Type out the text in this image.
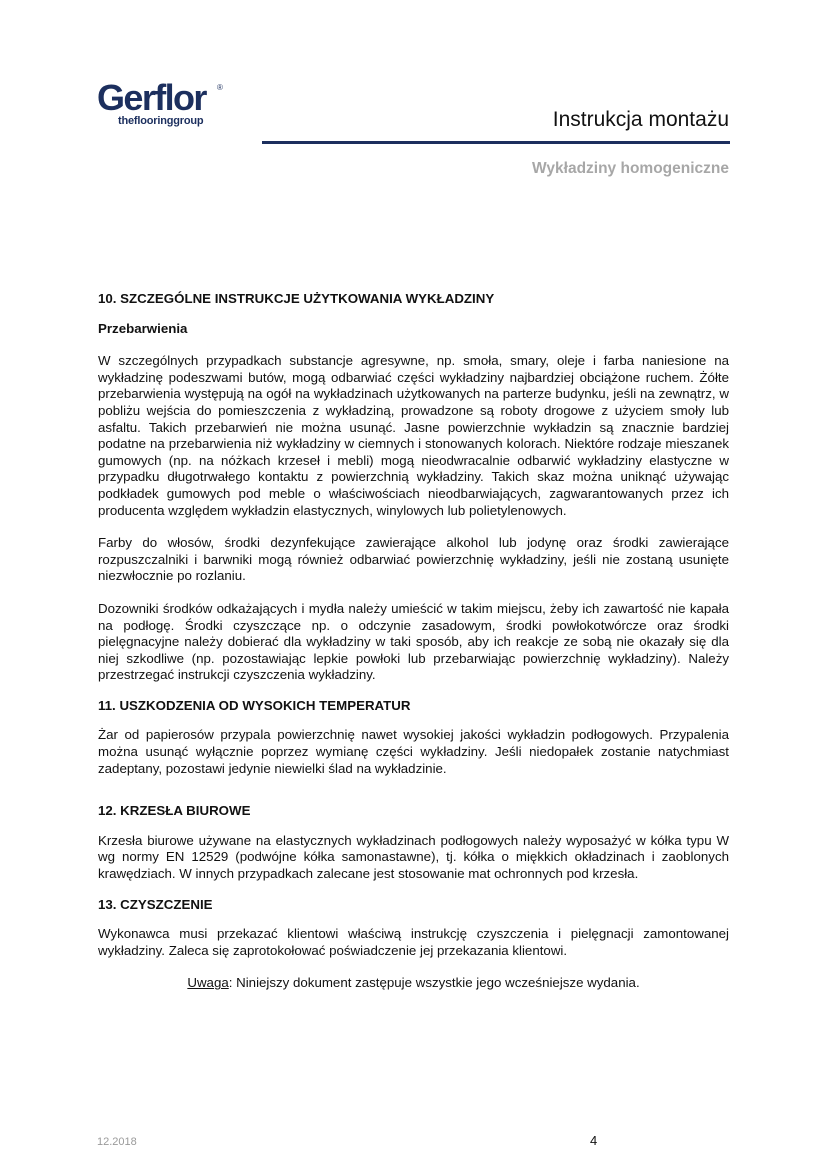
Gerflor ®
theflooringgroup	Instrukcja montażu
Wykładziny homogeniczne
10. SZCZEGÓLNE INSTRUKCJE UŻYTKOWANIA WYKŁADZINY
Przebarwienia

W szczególnych przypadkach substancje agresywne, np. smoła, smary, oleje i farba naniesione na wykładzinę podeszwami butów, mogą odbarwiać części wykładziny najbardziej obciążone ruchem. Żółte przebarwienia występują na ogół na wykładzinach użytkowanych na parterze budynku, jeśli na zewnątrz, w pobliżu wejścia do pomieszczenia z wykładziną, prowadzone są roboty drogowe z użyciem smoły lub asfaltu. Takich przebarwień nie można usunąć. Jasne powierzchnie wykładzin są znacznie bardziej podatne na przebarwienia niż wykładziny w ciemnych i stonowanych kolorach. Niektóre rodzaje mieszanek gumowych (np. na nóżkach krzeseł i mebli) mogą nieodwracalnie odbarwić wykładziny elastyczne w przypadku długotrwałego kontaktu z powierzchnią wykładziny. Takich skaz można uniknąć używając podkładek gumowych pod meble o właściwościach nieodbarwiających, zagwarantowanych przez ich producenta względem wykładzin elastycznych, winylowych lub polietylenowych.

Farby do włosów, środki dezynfekujące zawierające alkohol lub jodynę oraz środki zawierające rozpuszczalniki i barwniki mogą również odbarwiać powierzchnię wykładziny, jeśli nie zostaną usunięte niezwłocznie po rozlaniu.

Dozowniki środków odkażających i mydła należy umieścić w takim miejscu, żeby ich zawartość nie kapała na podłogę. Środki czyszczące np. o odczynie zasadowym, środki powłokotwórcze oraz środki pielęgnacyjne należy dobierać dla wykładziny w taki sposób, aby ich reakcje ze sobą nie okazały się dla niej szkodliwe (np. pozostawiając lepkie powłoki lub przebarwiając powierzchnię wykładziny). Należy przestrzegać instrukcji czyszczenia wykładziny.

11. USZKODZENIA OD WYSOKICH TEMPERATUR

Żar od papierosów przypala powierzchnię nawet wysokiej jakości wykładzin podłogowych. Przypalenia można usunąć wyłącznie poprzez wymianę części wykładziny. Jeśli niedopałek zostanie natychmiast zadeptany, pozostawi jedynie niewielki ślad na wykładzinie.

12. KRZESŁA BIUROWE

Krzesła biurowe używane na elastycznych wykładzinach podłogowych należy wyposażyć w kółka typu W wg normy EN 12529 (podwójne kółka samonastawne), tj. kółka o miękkich okładzinach i zaoblonych krawędziach. W innych przypadkach zalecane jest stosowanie mat ochronnych pod krzesła.

13. CZYSZCZENIE

Wykonawca musi przekazać klientowi właściwą instrukcję czyszczenia i pielęgnacji zamontowanej wykładziny. Zaleca się zaprotokołować poświadczenie jej przekazania klientowi.

Uwaga: Niniejszy dokument zastępuje wszystkie jego wcześniejsze wydania.

12.2018	4
